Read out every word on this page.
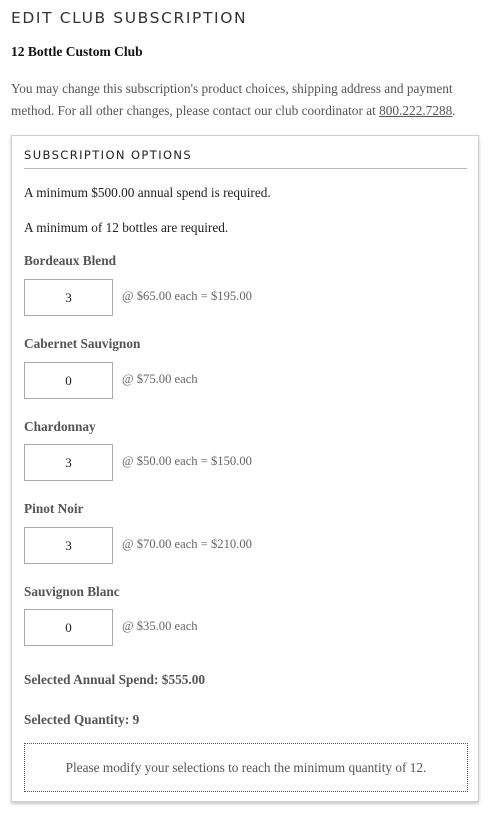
EDIT CLUB SUBSCRIPTION
12 Bottle Custom Club

You may change this subscription's product choices, shipping address and payment method. For all other changes, please contact our club coordinator at 800.222.7288.

SUBSCRIPTION OPTIONS

A minimum $500.00 annual spend is required.

A minimum of 12 bottles are required.

Bordeaux Blend

3

@ $65.00 each = $195.00

Cabernet Sauvignon

0

@ $75.00 each

Chardonnay

3

@ $50.00 each = $150.00

Pinot Noir

3

@ $70.00 each = $210.00

Sauvignon Blanc

0

@ $35.00 each

Selected Annual Spend: $555.00

Selected Quantity: 9

Please modify your selections to reach the minimum quantity of 12.
